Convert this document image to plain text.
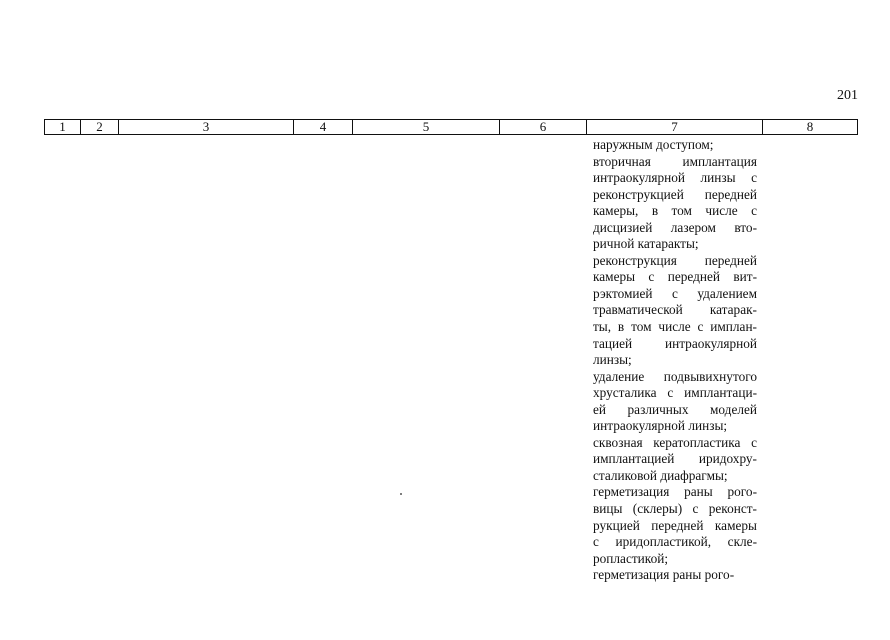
201
1	2	3	4	5	6	7	8
наружным доступом;
вторичная имплантация
интраокулярной линзы с
реконструкцией передней
камеры, в том числе с
дисцизией лазером вто-
ричной катаракты;
реконструкция передней
камеры с передней вит-
рэктомией с удалением
травматической катарак-
ты, в том числе с имплан-
тацией интраокулярной
линзы;
удаление подвывихнутого
хрусталика с имплантаци-
ей различных моделей
интраокулярной линзы;
сквозная кератопластика с
имплантацией иридохру-
сталиковой диафрагмы;
герметизация раны рого-
вицы (склеры) с реконст-
рукцией передней камеры
с иридопластикой, скле-
ропластикой;
герметизация раны рого-
